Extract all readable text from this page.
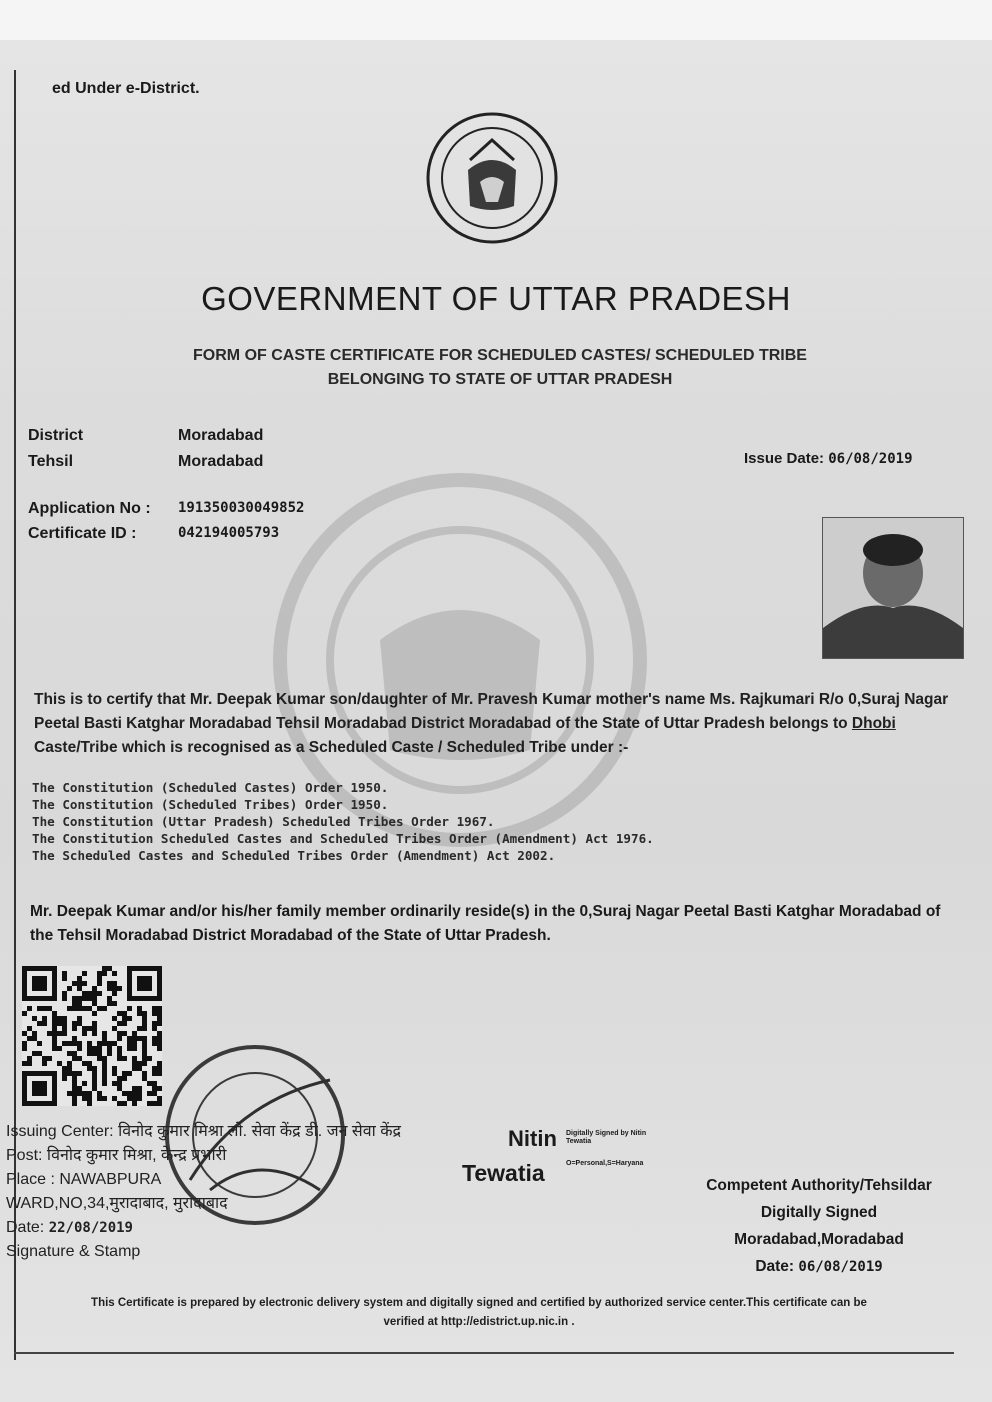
ed Under e-District.
GOVERNMENT OF UTTAR PRADESH
FORM OF CASTE CERTIFICATE FOR SCHEDULED CASTES/ SCHEDULED TRIBE
BELONGING TO STATE OF UTTAR PRADESH
District	Moradabad
Tehsil	Moradabad	Issue Date: 06/08/2019
Application No : 191350030049852
Certificate ID :	042194005793
This is to certify that Mr. Deepak Kumar son/daughter of Mr. Pravesh Kumar mother's name Ms. Rajkumari R/o 0,Suraj Nagar Peetal Basti Katghar Moradabad Tehsil Moradabad District Moradabad of the State of Uttar Pradesh belongs to Dhobi Caste/Tribe which is recognised as a Scheduled Caste / Scheduled Tribe under :-
The Constitution (Scheduled Castes) Order 1950.
The Constitution (Scheduled Tribes) Order 1950.
The Constitution (Uttar Pradesh) Scheduled Tribes Order 1967.
The Constitution Scheduled Castes and Scheduled Tribes Order (Amendment) Act 1976.
The Scheduled Castes and Scheduled Tribes Order (Amendment) Act 2002.
Mr. Deepak Kumar and/or his/her family member ordinarily reside(s) in the 0,Suraj Nagar Peetal Basti Katghar Moradabad of the Tehsil Moradabad District Moradabad of the State of Uttar Pradesh.
Issuing Center: विनोद कुमार मिश्रा लो. सेवा केंद्र डी. जन सेवा केंद्र
Post: विनोद कुमार मिश्रा, केन्द्र प्रभारी
Place : NAWABPURA
WARD,NO,34,मुरादाबाद, मुरादाबाद
Date: 22/08/2019
Signature & Stamp
Nitin Digitally Signed by Nitin
Tewatia
Tewatia	O=Personal,S=Haryana
Competent Authority/Tehsildar
Digitally Signed
Moradabad,Moradabad
Date: 06/08/2019
This Certificate is prepared by electronic delivery system and digitally signed and certified by authorized service center.This certificate can be
verified at http://edistrict.up.nic.in .
